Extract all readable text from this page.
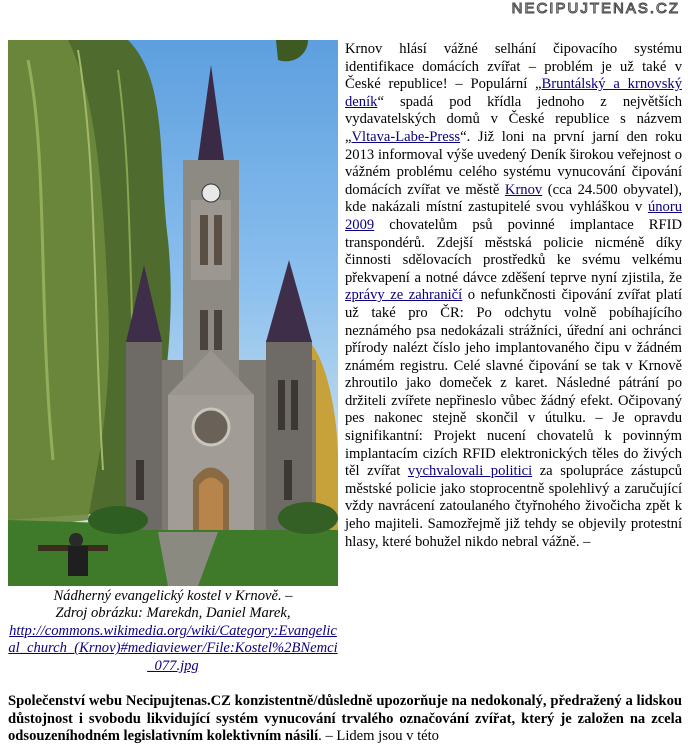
NECIPUJTENAS.CZ
Nádherný evangelický kostel v Krnově. –
Zdroj obrázku: Marekdn, Daniel Marek,
http://commons.wikimedia.org/wiki/Category:Evangelical_church_(Krnov)#mediaviewer/File:Kostel%2BNemci_077.jpg
Krnov hlásí vážné selhání čipovacího systému identifikace domácích zvířat – problém je už také v České republice! – Populární „Bruntálský a krnovský deník“ spadá pod křídla jednoho z největších vydavatelských domů v České republice s názvem „Vltava-Labe-Press“. Již loni na první jarní den roku 2013 informoval výše uvedený Deník širokou veřejnost o vážném problému celého systému vynucování čipování domácích zvířat ve městě Krnov (cca 24.500 obyvatel), kde nakázali místní zastupitelé svou vyhláškou v únoru 2009 chovatelům psů povinné implantace RFID transpondérů. Zdejší městská policie nicméně díky činnosti sdělovacích prostředků ke svému velkému překvapení a notné dávce zděšení teprve nyní zjistila, že zprávy ze zahraničí o nefunkčnosti čipování zvířat platí už také pro ČR: Po odchytu volně pobíhajícího neznámého psa nedokázali strážníci, úřední ani ochránci přírody nalézt číslo jeho implantovaného čipu v žádném známém registru. Celé slavné čipování se tak v Krnově zhroutilo jako domeček z karet. Následné pátrání po držiteli zvířete nepřineslo vůbec žádný efekt. Očipovaný pes nakonec stejně skončil v útulku. – Je opravdu signifikantní: Projekt nucení chovatelů k povinným implantacím cizích RFID elektronických těles do živých těl zvířat vychvalovali politici za spolupráce zástupců městské policie jako stoprocentně spolehlivý a zaručující vždy navrácení zatoulaného čtyřnohého živočicha zpět k jeho majiteli. Samozřejmě již tehdy se objevily protestní hlasy, které bohužel nikdo nebral vážně. –
Společenství webu Necipujtenas.CZ konzistentně/důsledně upozorňuje na nedokonalý, předražený a lidskou důstojnost i svobodu likvidující systém vynucování trvalého označování zvířat, který je založen na zcela odsouzeníhodném legislativním kolektivním násilí. – Lidem jsou v této
